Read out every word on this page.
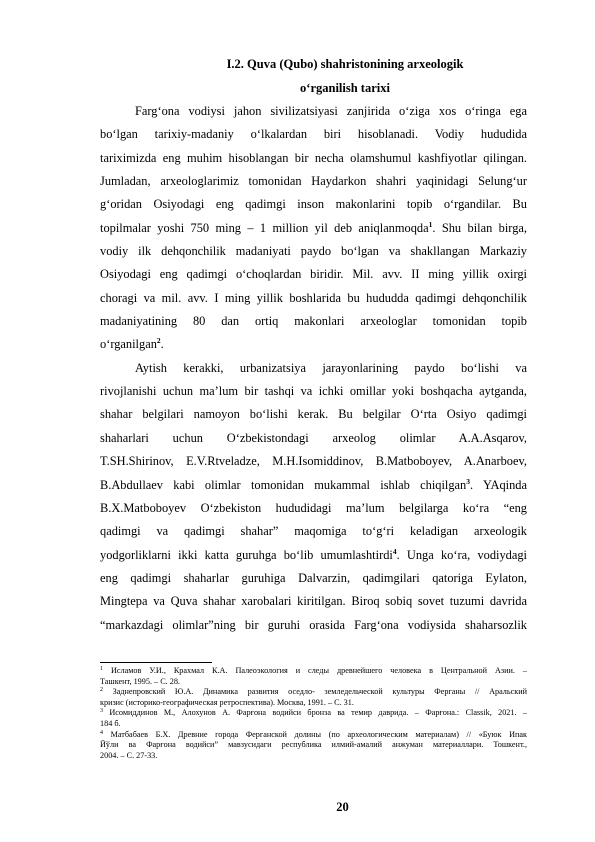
I.2. Quva (Qubo) shahristonining arxeologik
o‘rganilish tarixi
Farg‘ona vodiysi jahon sivilizatsiyasi zanjirida o‘ziga xos o‘ringa ega
bo‘lgan tarixiy-madaniy o‘lkalardan biri hisoblanadi. Vodiy hududida
tariximizda eng muhim hisoblangan bir necha olamshumul kashfiyotlar qilingan.
Jumladan, arxeologlarimiz tomonidan Haydarkon shahri yaqinidagi Selung‘ur
g‘oridan Osiyodagi eng qadimgi inson makonlarini topib o‘rgandilar. Bu
topilmalar yoshi 750 ming – 1 million yil deb aniqlanmoqda$^1$. Shu bilan birga,
vodiy ilk dehqonchilik madaniyati paydo bo‘lgan va shakllangan Markaziy
Osiyodagi eng qadimgi o‘choqlardan biridir. Mil. avv. II ming yillik oxirgi
choragi va mil. avv. I ming yillik boshlarida bu hududda qadimgi dehqonchilik
madaniyatining 80 dan ortiq makonlari arxeologlar tomonidan topib
o‘rganilgan$^2$.
Aytish kerakki, urbanizatsiya jarayonlarining paydo bo‘lishi va
rivojlanishi uchun ma’lum bir tashqi va ichki omillar yoki boshqacha aytganda,
shahar belgilari namoyon bo‘lishi kerak. Bu belgilar O‘rta Osiyo qadimgi
shaharlari uchun O‘zbekistondagi arxeolog olimlar A.A.Asqarov,
T.SH.Shirinov, E.V.Rtveladze, M.H.Isomiddinov, B.Matboboyev, A.Anarboev,
B.Abdullaev kabi olimlar tomonidan mukammal ishlab chiqilgan$^3$. YAqinda
B.X.Matboboyev O‘zbekiston hududidagi ma’lum belgilarga ko‘ra “eng
qadimgi va qadimgi shahar” maqomiga to‘g‘ri keladigan arxeologik
yodgorliklarni ikki katta guruhga bo‘lib umumlashtirdi$^4$. Unga ko‘ra, vodiydagi
eng qadimgi shaharlar guruhiga Dalvarzin, qadimgilari qatoriga Eylaton,
Mingtepa va Quva shahar xarobalari kiritilgan. Biroq sobiq sovet tuzumi davrida
“markazdagi olimlar”ning bir guruhi orasida Farg‘ona vodiysida shaharsozlik
$^1$ Исламов У.И., Крахмал К.А. Палеоэкология и следы древнейшего человека в Центральной Азии. –
Ташкент, 1995. – С. 28.
$^2$ Заднепровский Ю.А. Динамика развития оседло- земледельческой культуры Ферганы // Аральский
кризис (историко-географическая ретроспектива). Москва, 1991. – С. 31.
$^3$ Исомиддинов М., Алохунов А. Фарғона водийси бронза ва темир даврида. – Фарғона.: Classik, 2021. –
184 б.
$^4$ Матбабаев Б.Х. Древние города Ферганской долины (по археологическим материалам) // «Буюк Ипак
Йўли ва Фарғона водийси” мавзусидаги республика илмий-амалий анжуман материаллари. Тошкент.,
2004. – С. 27-33.
20
